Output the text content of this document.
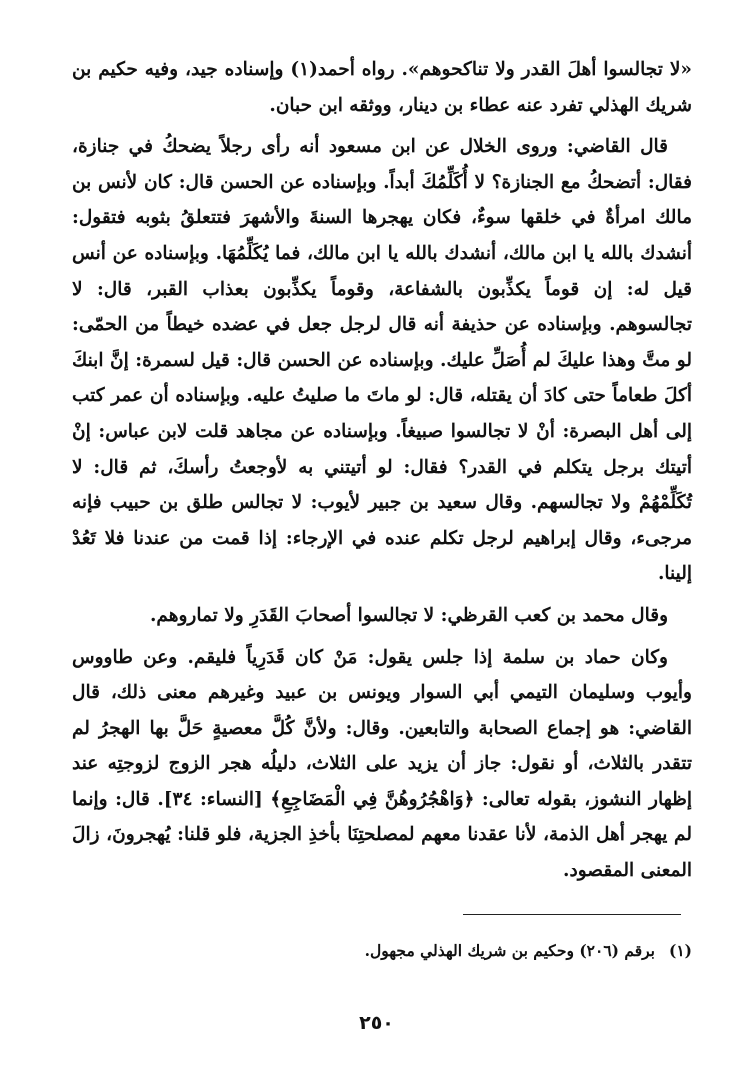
«لا تجالسوا أهلَ القدر ولا تناكحوهم». رواه أحمد(١) وإسناده جيد، وفيه حكيم بن شريك الهذلي تفرد عنه عطاء بن دينار، ووثقه ابن حبان.

قال القاضي: وروى الخلال عن ابن مسعود أنه رأى رجلاً يضحكُ في جنازة، فقال: أتضحكُ مع الجنازة؟ لا أُكَلِّمُكَ أبداً. وبإسناده عن الحسن قال: كان لأنس بن مالك امرأةٌ في خلقها سوءٌ، فكان يهجرها السنةَ والأشهرَ فتتعلقُ بثوبه فتقول: أنشدك بالله يا ابن مالك، أنشدك بالله يا ابن مالك، فما يُكَلِّمُهَا. وبإسناده عن أنس قيل له: إن قوماً يكذِّبون بالشفاعة، وقوماً يكذِّبون بعذاب القبر، قال: لا تجالسوهم. وبإسناده عن حذيفة أنه قال لرجل جعل في عضده خيطاً من الحمّى: لو متَّ وهذا عليكَ لم أُصَلِّ عليك. وبإسناده عن الحسن قال: قيل لسمرة: إنَّ ابنكَ أكلَ طعاماً حتى كادَ أن يقتله، قال: لو ماتَ ما صليتُ عليه. وبإسناده أن عمر كتب إلى أهل البصرة: أنْ لا تجالسوا صبيغاً. وبإسناده عن مجاهد قلت لابن عباس: إنْ أتيتك برجل يتكلم في القدر؟ فقال: لو أتيتني به لأوجعتُ رأسكَ، ثم قال: لا تُكَلِّمْهُمْ ولا تجالسهم. وقال سعيد بن جبير لأيوب: لا تجالس طلق بن حبيب فإنه مرجىء، وقال إبراهيم لرجل تكلم عنده في الإرجاء: إذا قمت من عندنا فلا تَعُدْ إلينا.

وقال محمد بن كعب القرظي: لا تجالسوا أصحابَ القَدَرِ ولا تماروهم.

وكان حماد بن سلمة إذا جلس يقول: مَنْ كان قَدَرِياً فليقم. وعن طاووس وأيوب وسليمان التيمي أبي السوار ويونس بن عبيد وغيرهم معنى ذلك، قال القاضي: هو إجماع الصحابة والتابعين. وقال: ولأنَّ كُلَّ معصيةٍ حَلَّ بها الهجرُ لم تتقدر بالثلاث، أو نقول: جاز أن يزيد على الثلاث، دليلُه هجر الزوج لزوجتِه عند إظهار النشوز، بقوله تعالى: ﴿وَاهْجُرُوهُنَّ فِي الْمَضَاجِعِ﴾ [النساء: ٣٤]. قال: وإنما لم يهجر أهل الذمة، لأنا عقدنا معهم لمصلحتِنَا بأخذِ الجزية، فلو قلنا: يُهجرونَ، زالَ المعنى المقصود.

(١)برقم (٢٠٦) وحكيم بن شريك الهذلي مجهول.
٢٥٠
